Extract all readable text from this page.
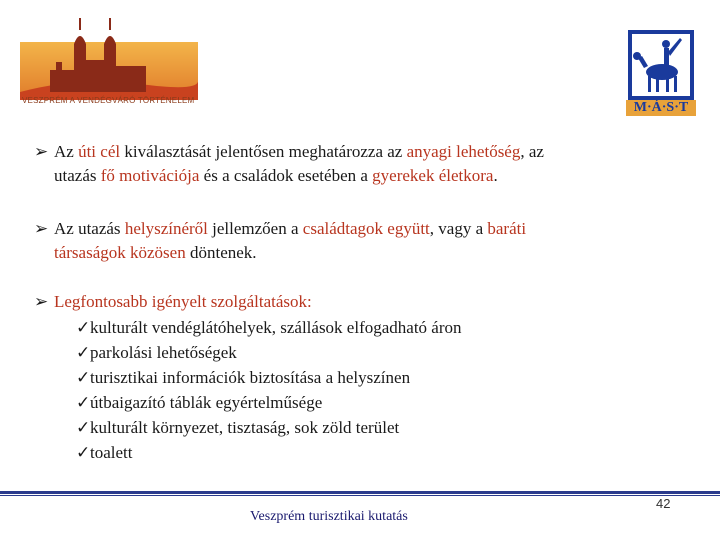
VESZPRÉM A VENDÉGVÁRÓ TÖRTÉNELEM	M·Á·S·T
➢ Az úti cél kiválasztását jelentősen meghatározza az anyagi lehetőség, az
utazás fő motivációja és a családok esetében a gyerekek életkora.
➢ Az utazás helyszínéről jellemzően a családtagok együtt, vagy a baráti
társaságok közösen döntenek.
➢ Legfontosabb igényelt szolgáltatások:
✓ kulturált vendéglátóhelyek, szállások elfogadható áron
✓ parkolási lehetőségek
✓ turisztikai információk biztosítása a helyszínen
✓ útbaigazító táblák egyértelműsége
✓ kulturált környezet, tisztaság, sok zöld terület
✓ toalett
Veszprém turisztikai kutatás
42
